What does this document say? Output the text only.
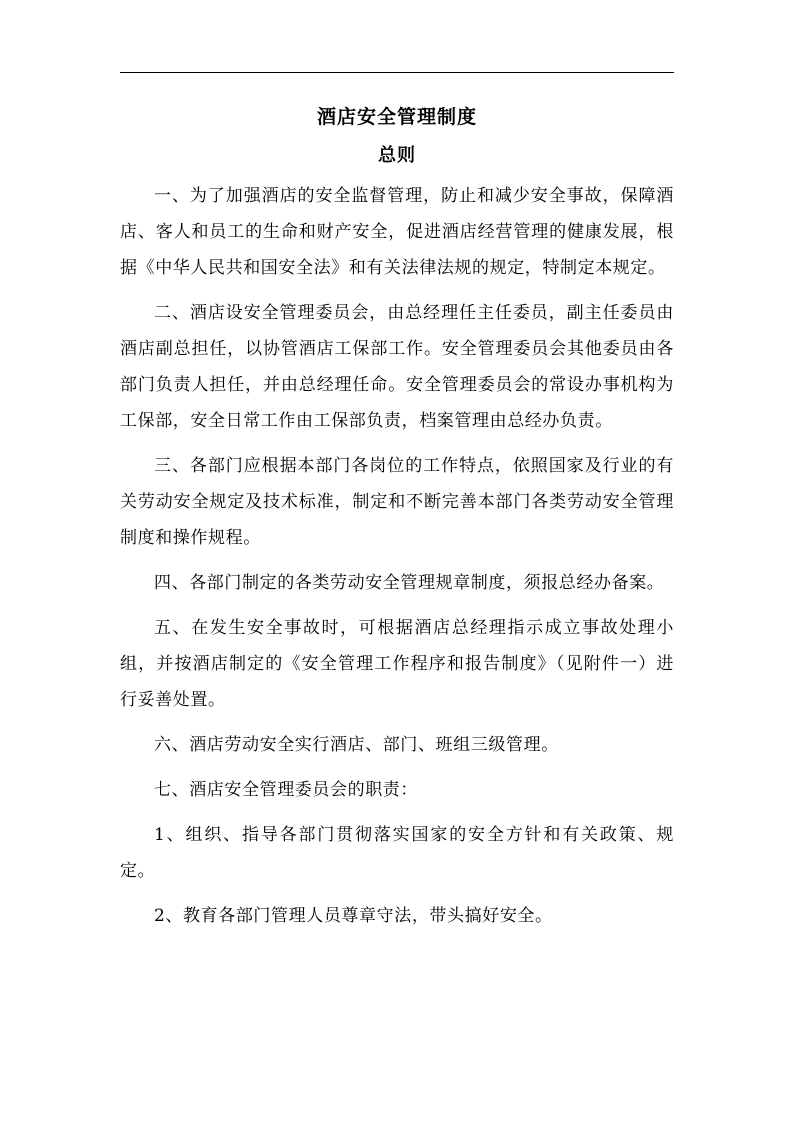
酒店安全管理制度
总则

一、为了加强酒店的安全监督管理，防止和减少安全事故，保障酒店、客人和员工的生命和财产安全，促进酒店经营管理的健康发展，根据《中华人民共和国安全法》和有关法律法规的规定，特制定本规定。

二、酒店设安全管理委员会，由总经理任主任委员，副主任委员由酒店副总担任，以协管酒店工保部工作。安全管理委员会其他委员由各部门负责人担任，并由总经理任命。安全管理委员会的常设办事机构为工保部，安全日常工作由工保部负责，档案管理由总经办负责。

三、各部门应根据本部门各岗位的工作特点，依照国家及行业的有关劳动安全规定及技术标准，制定和不断完善本部门各类劳动安全管理制度和操作规程。

四、各部门制定的各类劳动安全管理规章制度，须报总经办备案。

五、在发生安全事故时，可根据酒店总经理指示成立事故处理小组，并按酒店制定的《安全管理工作程序和报告制度》（见附件一）进行妥善处置。

六、酒店劳动安全实行酒店、部门、班组三级管理。

七、酒店安全管理委员会的职责：

1、组织、指导各部门贯彻落实国家的安全方针和有关政策、规定。

2、教育各部门管理人员尊章守法，带头搞好安全。
